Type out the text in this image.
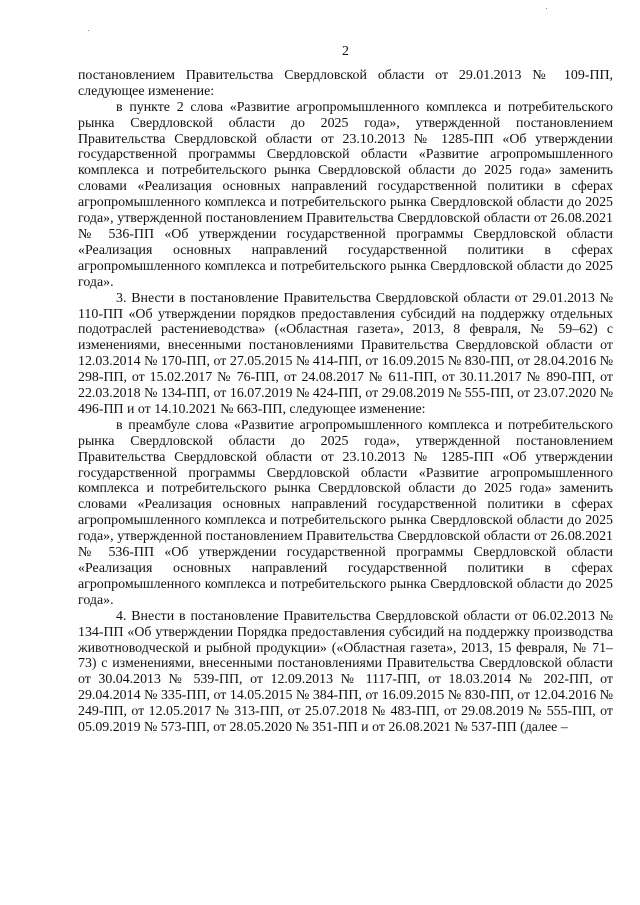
2

постановлением Правительства Свердловской области от 29.01.2013 № 109-ПП, следующее изменение:

в пункте 2 слова «Развитие агропромышленного комплекса и потребительского рынка Свердловской области до 2025 года», утвержденной постановлением Правительства Свердловской области от 23.10.2013 № 1285-ПП «Об утверждении государственной программы Свердловской области «Развитие агропромышленного комплекса и потребительского рынка Свердловской области до 2025 года» заменить словами «Реализация основных направлений государственной политики в сферах агропромышленного комплекса и потребительского рынка Свердловской области до 2025 года», утвержденной постановлением Правительства Свердловской области от 26.08.2021 № 536-ПП «Об утверждении государственной программы Свердловской области «Реализация основных направлений государственной политики в сферах агропромышленного комплекса и потребительского рынка Свердловской области до 2025 года».

3. Внести в постановление Правительства Свердловской области от 29.01.2013 № 110-ПП «Об утверждении порядков предоставления субсидий на поддержку отдельных подотраслей растениеводства» («Областная газета», 2013, 8 февраля, № 59–62) с изменениями, внесенными постановлениями Правительства Свердловской области от 12.03.2014 № 170-ПП, от 27.05.2015 № 414-ПП, от 16.09.2015 № 830-ПП, от 28.04.2016 № 298-ПП, от 15.02.2017 № 76-ПП, от 24.08.2017 № 611-ПП, от 30.11.2017 № 890-ПП, от 22.03.2018 № 134-ПП, от 16.07.2019 № 424-ПП, от 29.08.2019 № 555-ПП, от 23.07.2020 № 496-ПП и от 14.10.2021 № 663-ПП, следующее изменение:

в преамбуле слова «Развитие агропромышленного комплекса и потребительского рынка Свердловской области до 2025 года», утвержденной постановлением Правительства Свердловской области от 23.10.2013 № 1285-ПП «Об утверждении государственной программы Свердловской области «Развитие агропромышленного комплекса и потребительского рынка Свердловской области до 2025 года» заменить словами «Реализация основных направлений государственной политики в сферах агропромышленного комплекса и потребительского рынка Свердловской области до 2025 года», утвержденной постановлением Правительства Свердловской области от 26.08.2021 № 536-ПП «Об утверждении государственной программы Свердловской области «Реализация основных направлений государственной политики в сферах агропромышленного комплекса и потребительского рынка Свердловской области до 2025 года».

4. Внести в постановление Правительства Свердловской области от 06.02.2013 № 134-ПП «Об утверждении Порядка предоставления субсидий на поддержку производства животноводческой и рыбной продукции» («Областная газета», 2013, 15 февраля, № 71–73) с изменениями, внесенными постановлениями Правительства Свердловской области от 30.04.2013 № 539-ПП, от 12.09.2013 № 1117-ПП, от 18.03.2014 № 202-ПП, от 29.04.2014 № 335-ПП, от 14.05.2015 № 384-ПП, от 16.09.2015 № 830-ПП, от 12.04.2016 № 249-ПП, от 12.05.2017 № 313-ПП, от 25.07.2018 № 483-ПП, от 29.08.2019 № 555-ПП, от 05.09.2019 № 573-ПП, от 28.05.2020 № 351-ПП и от 26.08.2021 № 537-ПП (далее –
